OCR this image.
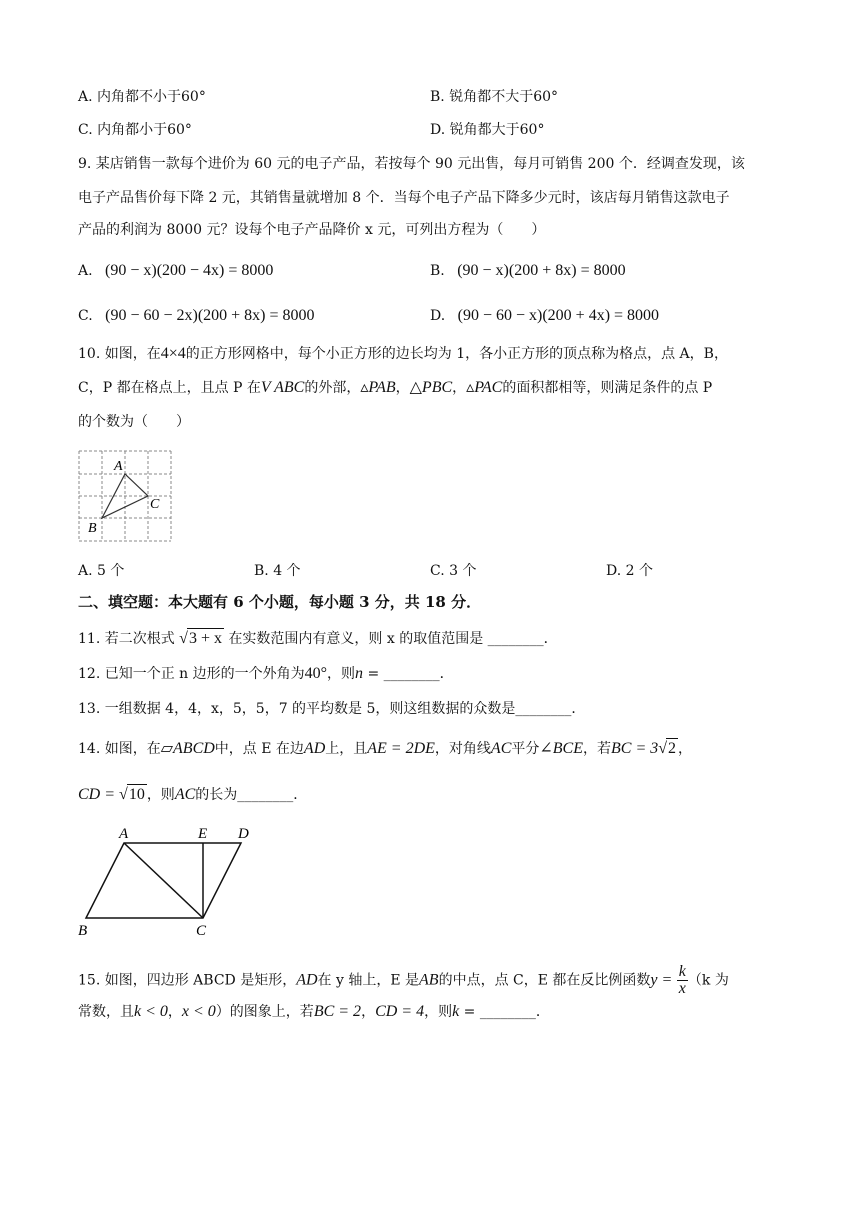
A. 内角都不小于60°	B. 锐角都不大于60°
C. 内角都小于60°	D. 锐角都大于60°
9. 某店销售一款每个进价为 60 元的电子产品，若按每个 90 元出售，每月可销售 200 个．经调查发现，该
电子产品售价每下降 2 元，其销售量就增加 8 个．当每个电子产品下降多少元时，该店每月销售这款电子
产品的利润为 8000 元？设每个电子产品降价 x 元，可列出方程为（　　）
A. (90 − x)(200 − 4x) = 8000	B. (90 − x)(200 + 8x) = 8000
C. (90 − 60 − 2x)(200 + 8x) = 8000	D. (90 − 60 − x)(200 + 4x) = 8000
10. 如图，在4×4的正方形网格中，每个小正方形的边长均为 1，各小正方形的顶点称为格点，点 A，B，
C，P 都在格点上，且点 P 在V ABC的外部，▵PAB，△PBC，▵PAC的面积都相等，则满足条件的点 P
的个数为（　　）
A
C
B
A. 5 个	B. 4 个	C. 3 个	D. 2 个
二、填空题：本大题有 6 个小题，每小题 3 分，共 18 分．
11. 若二次根式 √3 + x 在实数范围内有意义，则 x 的取值范围是 ________．
12. 已知一个正 n 边形的一个外角为40°，则n = ________．
13. 一组数据 4，4，x，5，5，7 的平均数是 5，则这组数据的众数是________．
14. 如图，在▱ABCD中，点 E 在边AD上，且AE = 2DE，对角线AC平分∠BCE，若BC = 3√2 ，
CD = √10 ，则AC的长为________．
A	E D
B	C
15. 如图，四边形 ABCD 是矩形，AD在 y 轴上，E 是AB的中点，点 C，E 都在反比例函数$y = \frac{k}{x} (k$ 为
常数，且k < 0，x < 0）的图象上，若BC = 2，CD = 4，则k = ________．
